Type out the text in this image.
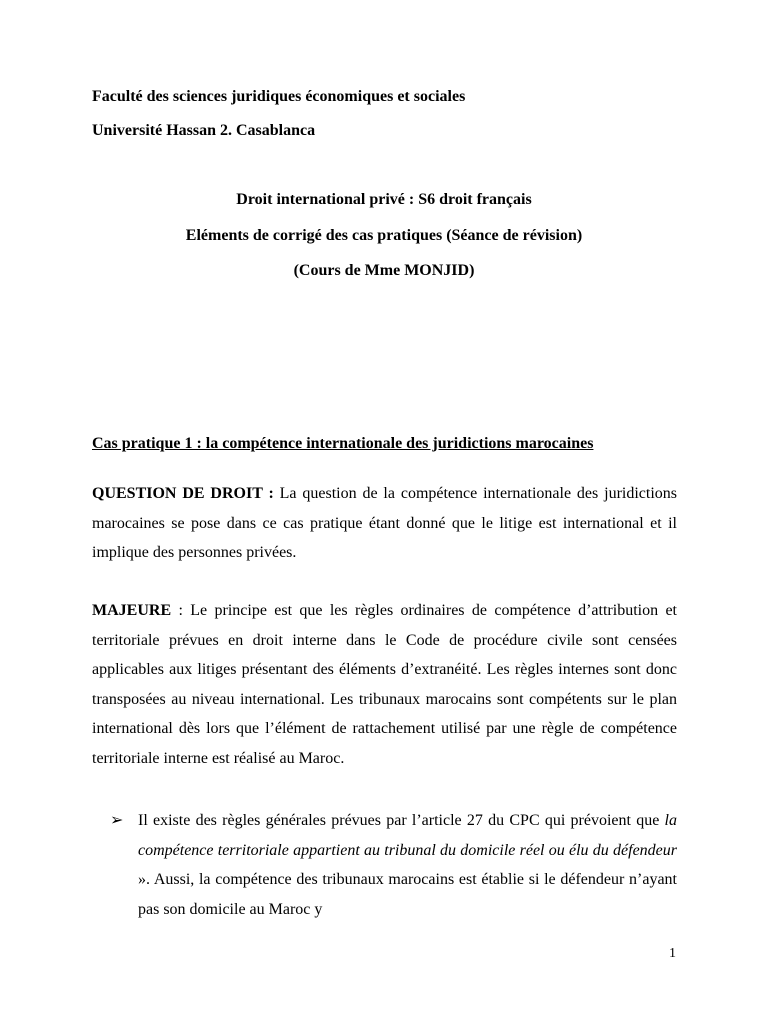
Faculté des sciences juridiques économiques et sociales
Université Hassan 2. Casablanca
Droit international privé : S6 droit français
Eléments de corrigé des cas pratiques (Séance de révision)
(Cours de Mme MONJID)
Cas pratique 1 : la compétence internationale des juridictions marocaines
QUESTION DE DROIT : La question de la compétence internationale des juridictions marocaines se pose dans ce cas pratique étant donné que le litige est international et il implique des personnes privées.
MAJEURE : Le principe est que les règles ordinaires de compétence d’attribution et territoriale prévues en droit interne dans le Code de procédure civile sont censées applicables aux litiges présentant des éléments d’extranéité. Les règles internes sont donc transposées au niveau international. Les tribunaux marocains sont compétents sur le plan international dès lors que l’élément de rattachement utilisé par une règle de compétence territoriale interne est réalisé au Maroc.
➢ Il existe des règles générales prévues par l’article 27 du CPC qui prévoient que la compétence territoriale appartient au tribunal du domicile réel ou élu du défendeur ». Aussi, la compétence des tribunaux marocains est établie si le défendeur n’ayant pas son domicile au Maroc y
1
